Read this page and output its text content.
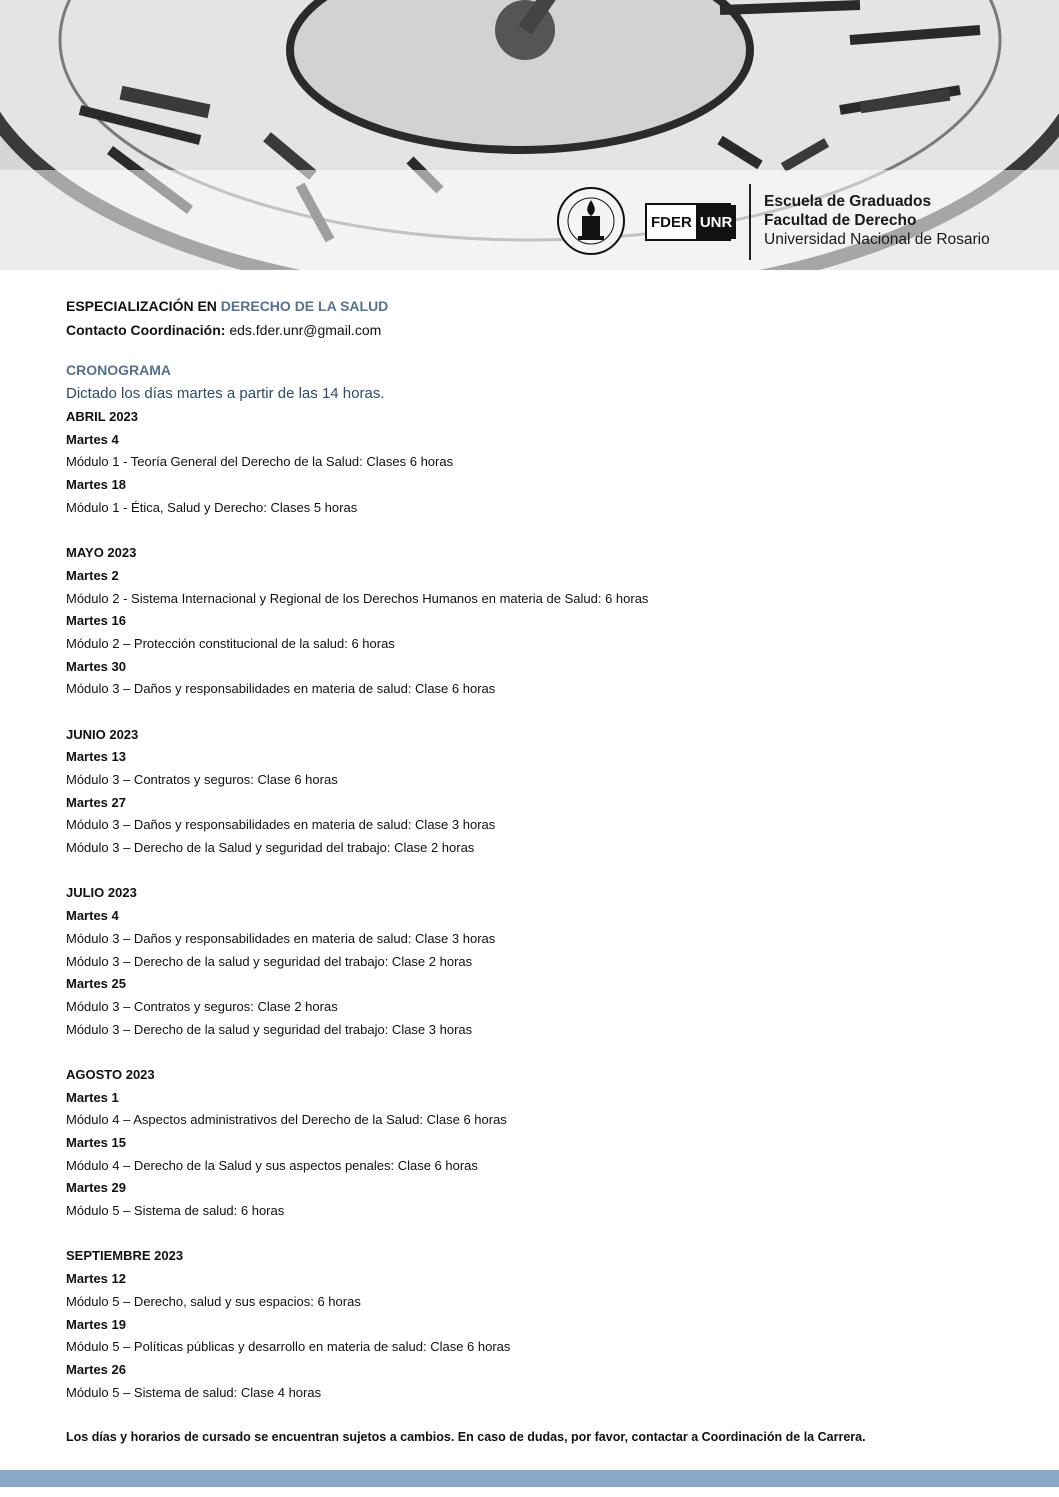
FDER UNR
Escuela de Graduados
Facultad de Derecho
Universidad Nacional de Rosario
ESPECIALIZACIÓN EN DERECHO DE LA SALUD
Contacto Coordinación: eds.fder.unr@gmail.com
CRONOGRAMA
Dictado los días martes a partir de las 14 horas.
ABRIL 2023
Martes 4
Módulo 1 - Teoría General del Derecho de la Salud: Clases 6 horas
Martes 18
Módulo 1 - Ética, Salud y Derecho: Clases 5 horas
MAYO 2023
Martes 2
Módulo 2 - Sistema Internacional y Regional de los Derechos Humanos en materia de Salud: 6 horas
Martes 16
Módulo 2 – Protección constitucional de la salud: 6 horas
Martes 30
Módulo 3 – Daños y responsabilidades en materia de salud: Clase 6 horas
JUNIO 2023
Martes 13
Módulo 3 – Contratos y seguros: Clase 6 horas
Martes 27
Módulo 3 – Daños y responsabilidades en materia de salud: Clase 3 horas
Módulo 3 – Derecho de la Salud y seguridad del trabajo: Clase 2 horas
JULIO 2023
Martes 4
Módulo 3 – Daños y responsabilidades en materia de salud: Clase 3 horas
Módulo 3 – Derecho de la salud y seguridad del trabajo: Clase 2 horas
Martes 25
Módulo 3 – Contratos y seguros: Clase 2 horas
Módulo 3 – Derecho de la salud y seguridad del trabajo: Clase 3 horas
AGOSTO 2023
Martes 1
Módulo 4 – Aspectos administrativos del Derecho de la Salud: Clase 6 horas
Martes 15
Módulo 4 – Derecho de la Salud y sus aspectos penales: Clase 6 horas
Martes 29
Módulo 5 – Sistema de salud: 6 horas
SEPTIEMBRE 2023
Martes 12
Módulo 5 – Derecho, salud y sus espacios: 6 horas
Martes 19
Módulo 5 – Políticas públicas y desarrollo en materia de salud: Clase 6 horas
Martes 26
Módulo 5 – Sistema de salud: Clase 4 horas
Los días y horarios de cursado se encuentran sujetos a cambios. En caso de dudas, por favor, contactar a Coordinación de la Carrera.
